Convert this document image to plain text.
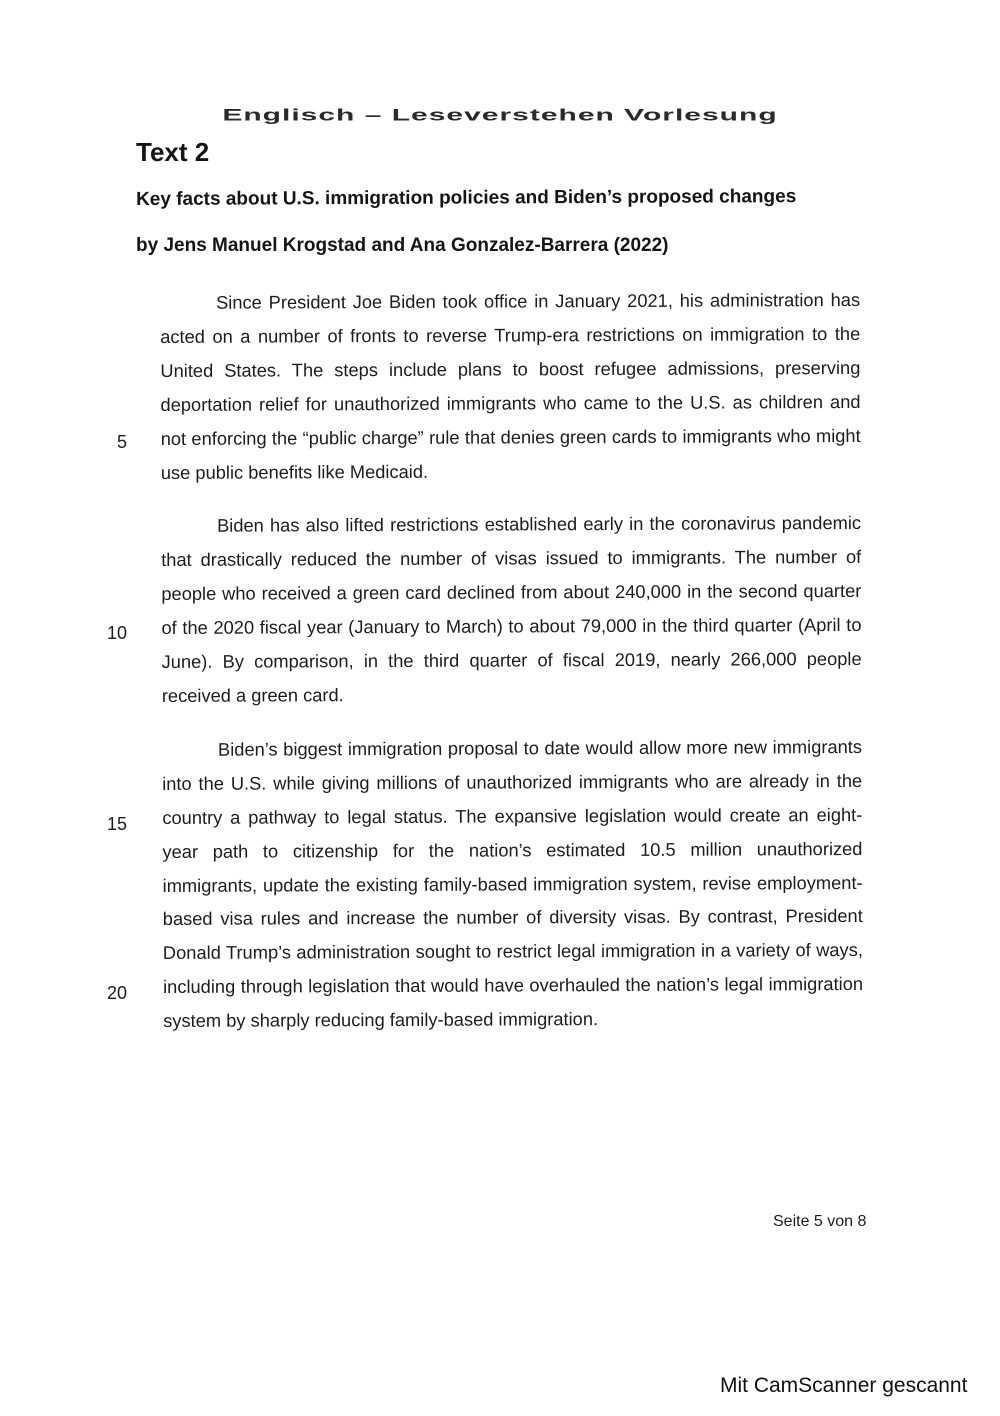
Englisch – Leseverstehen Vorlesung
Text 2
Key facts about U.S. immigration policies and Biden’s proposed changes
by Jens Manuel Krogstad and Ana Gonzalez-Barrera (2022)
5
10
15
20

Since President Joe Biden took office in January 2021, his administration has acted on a number of fronts to reverse Trump-era restrictions on immigration to the United States. The steps include plans to boost refugee admissions, preserving deportation relief for unauthorized immigrants who came to the U.S. as children and not enforcing the “public charge” rule that denies green cards to immigrants who might use public benefits like Medicaid.

Biden has also lifted restrictions established early in the coronavirus pandemic that drastically reduced the number of visas issued to immigrants. The number of people who received a green card declined from about 240,000 in the second quarter of the 2020 fiscal year (January to March) to about 79,000 in the third quarter (April to June). By comparison, in the third quarter of fiscal 2019, nearly 266,000 people received a green card.

Biden’s biggest immigration proposal to date would allow more new immigrants into the U.S. while giving millions of unauthorized immigrants who are already in the country a pathway to legal status. The expansive legislation would create an eight-year path to citizenship for the nation’s estimated 10.5 million unauthorized immigrants, update the existing family-based immigration system, revise employment-based visa rules and increase the number of diversity visas. By contrast, President Donald Trump’s administration sought to restrict legal immigration in a variety of ways, including through legislation that would have overhauled the nation’s legal immigration system by sharply reducing family-based immigration.

Seite 5 von 8
Mit CamScanner gescannt
